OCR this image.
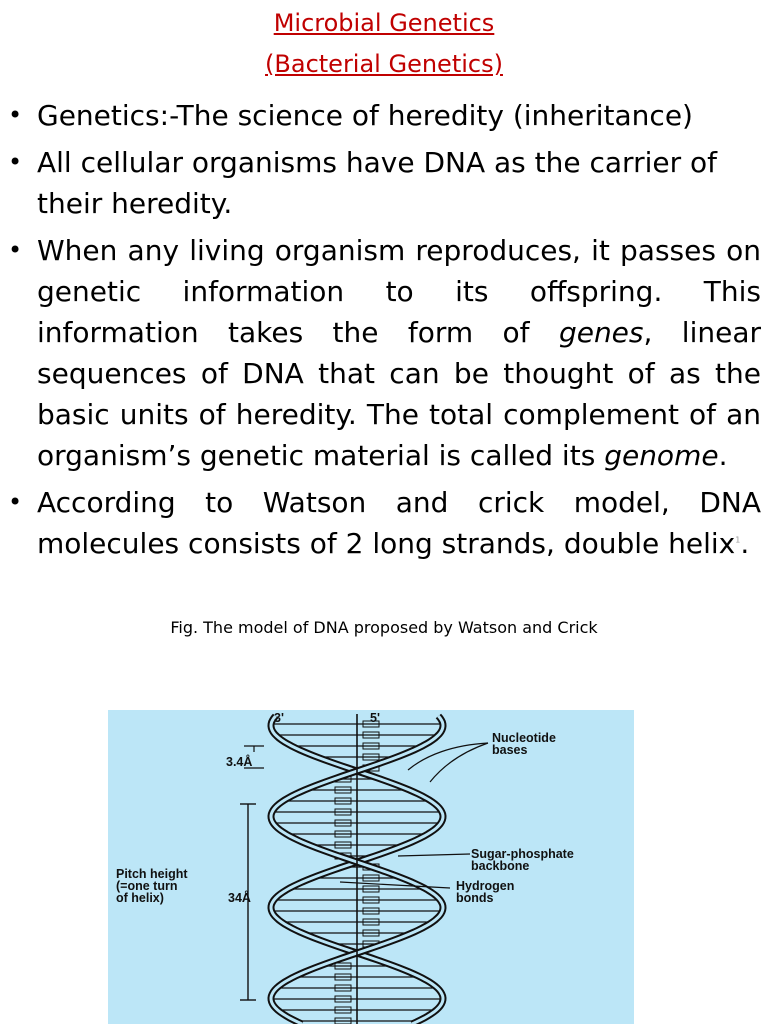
Microbial Genetics
(Bacterial Genetics)
• Genetics:-The science of heredity (inheritance)
• All cellular organisms have DNA as the carrier of their heredity.
• When any living organism reproduces, it passes on genetic information to its offspring. This information takes the form of genes, linear sequences of DNA that can be thought of as the basic units of heredity. The total complement of an organism’s genetic material is called its genome.
• According to Watson and crick model, DNA molecules consists of 2 long strands, double helix$^1$.
Fig. The model of DNA proposed by Watson and Crick
3'	5'
3.4Å
34Å
Pitch height
(=one turn
of helix)
Nucleotide
bases
Sugar-phosphate
backbone
Hydrogen
bonds
